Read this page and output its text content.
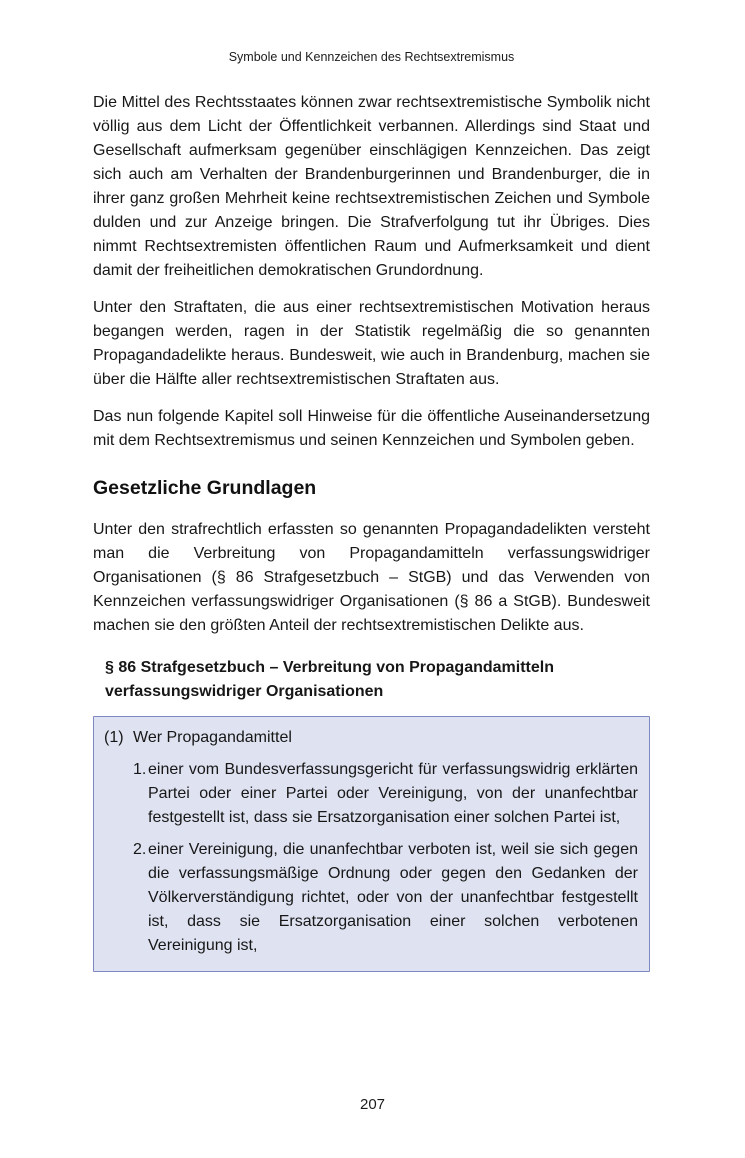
Symbole und Kennzeichen des Rechtsextremismus

Die Mittel des Rechtsstaates können zwar rechtsextremistische Symbolik nicht völlig aus dem Licht der Öffentlichkeit verbannen. Allerdings sind Staat und Gesellschaft aufmerksam gegenüber einschlägigen Kennzeichen. Das zeigt sich auch am Verhalten der Brandenburgerinnen und Brandenburger, die in ihrer ganz großen Mehrheit keine rechtsextremistischen Zeichen und Symbole dulden und zur Anzeige bringen. Die Strafverfolgung tut ihr Übriges. Dies nimmt Rechtsextremisten öffentlichen Raum und Aufmerksamkeit und dient damit der freiheitlichen demokratischen Grundordnung.

Unter den Straftaten, die aus einer rechtsextremistischen Motivation heraus begangen werden, ragen in der Statistik regelmäßig die so genannten Propagandadelikte heraus. Bundesweit, wie auch in Brandenburg, machen sie über die Hälfte aller rechtsextremistischen Straftaten aus.

Das nun folgende Kapitel soll Hinweise für die öffentliche Auseinandersetzung mit dem Rechtsextremismus und seinen Kennzeichen und Symbolen geben.

Gesetzliche Grundlagen

Unter den strafrechtlich erfassten so genannten Propagandadelikten versteht man die Verbreitung von Propagandamitteln verfassungswidriger Organisationen (§ 86 Strafgesetzbuch – StGB) und das Verwenden von Kennzeichen verfassungswidriger Organisationen (§ 86 a StGB). Bundesweit machen sie den größten Anteil der rechtsextremistischen Delikte aus.

§ 86 Strafgesetzbuch – Verbreitung von Propagandamitteln verfassungswidriger Organisationen

(1) Wer Propagandamittel

einer vom Bundesverfassungsgericht für verfassungswidrig erklärten Partei oder einer Partei oder Vereinigung, von der unanfechtbar festgestellt ist, dass sie Ersatzorganisation einer solchen Partei ist,
einer Vereinigung, die unanfechtbar verboten ist, weil sie sich gegen die verfassungsmäßige Ordnung oder gegen den Gedanken der Völkerverständigung richtet, oder von der unanfechtbar festgestellt ist, dass sie Ersatzorganisation einer solchen verbotenen Vereinigung ist,
207
